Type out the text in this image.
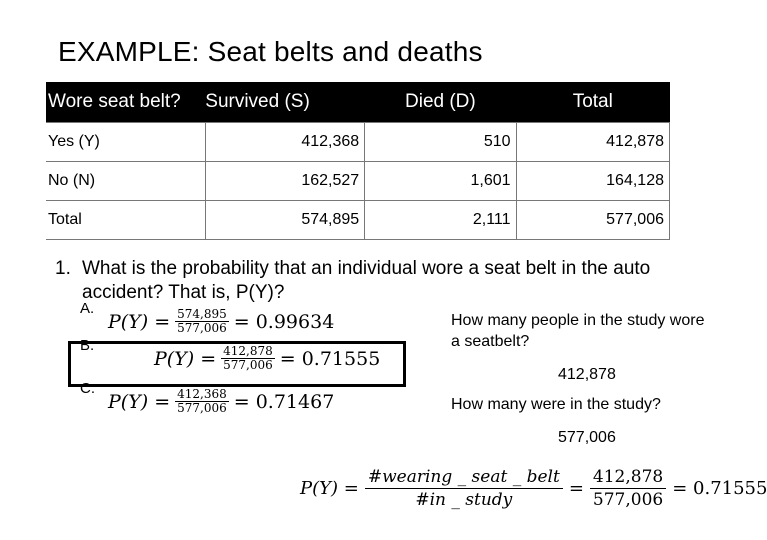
EXAMPLE: Seat belts and deaths
Wore seat belt?	Survived (S)	Died (D)	Total
Yes (Y)	412,368	510	412,878
No (N)	162,527	1,601	164,128
Total	574,895	2,111	577,006
1. What is the probability that an individual wore a seat belt in the auto accident? That is, P(Y)?
A.
$P(Y) = \frac{574,895}{577,006} = 0.99634$
B.
$P(Y) = \frac{412,878}{577,006} = 0.71555$
C.
$P(Y) = \frac{412,368}{577,006} = 0.71467$
How many people in the study wore a seatbelt?
412,878
How many were in the study?
577,006
P(Y) =
#wearing _ seat _ belt
#in _ study
= $\frac{412,878}{577,006} = 0.71555$
